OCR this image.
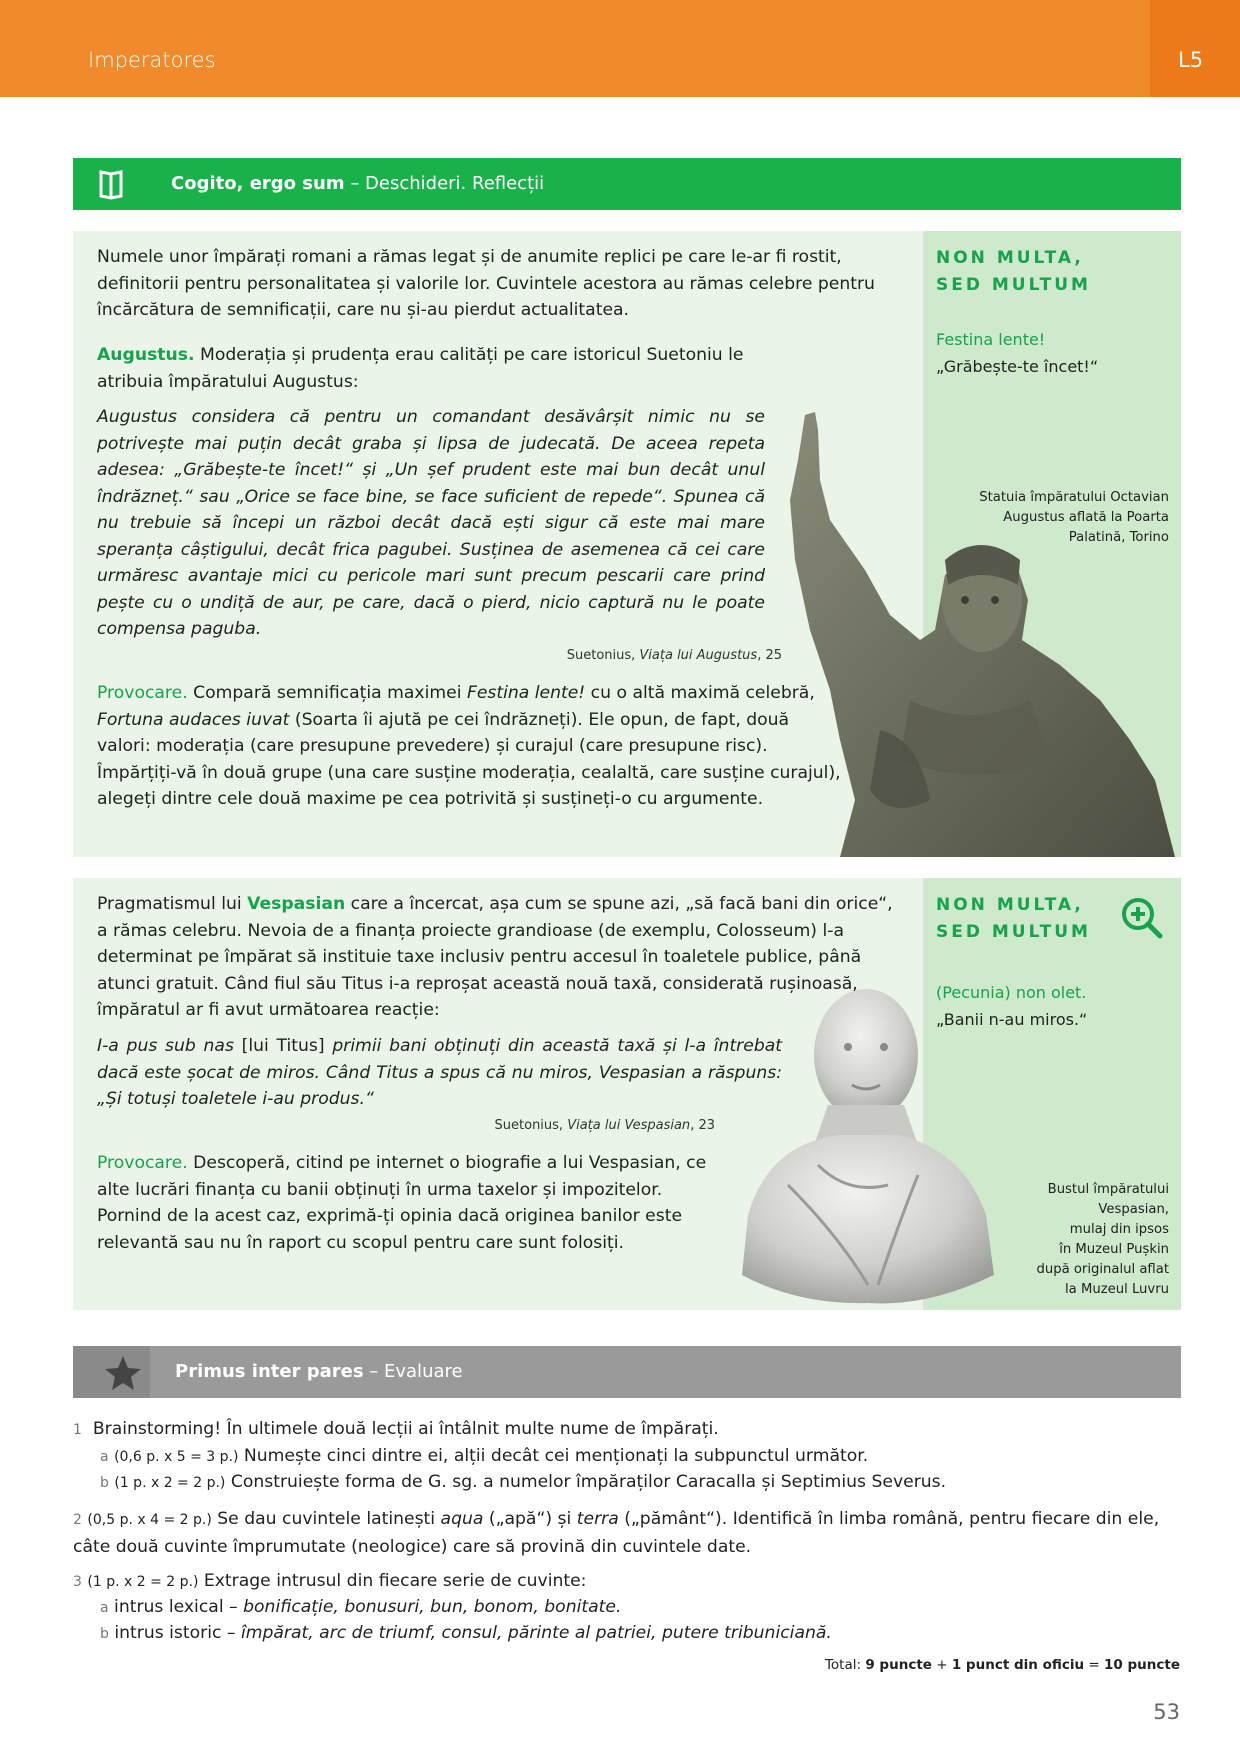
Imperatores	L5
Cogito, ergo sum – Deschideri. Reflecții
NON MULTA,
SED MULTUM
Festina lente!
„Grăbește-te încet!“
Statuia împăratului Octavian Augustus aflată la Poarta Palatină, Torino
Numele unor împărați romani a rămas legat și de anumite replici pe care le-ar fi rostit, definitorii pentru personalitatea și valorile lor. Cuvintele acestora au rămas celebre pentru încărcătura de semnificații, care nu și-au pierdut actualitatea.
Augustus. Moderația și prudența erau calități pe care istoricul Suetoniu le atribuia împăratului Augustus:
Augustus considera că pentru un comandant desăvârșit nimic nu se potrivește mai puțin decât graba și lipsa de judecată. De aceea repeta adesea: „Grăbește-te încet!“ și „Un șef prudent este mai bun decât unul îndrăzneț.“ sau „Orice se face bine, se face suficient de repede“. Spunea că nu trebuie să începi un război decât dacă ești sigur că este mai mare speranța câștigului, decât frica pagubei. Susținea de asemenea că cei care urmăresc avantaje mici cu pericole mari sunt precum pescarii care prind pește cu o undiță de aur, pe care, dacă o pierd, nicio captură nu le poate compensa paguba.
Suetonius, Viața lui Augustus, 25
Provocare. Compară semnificația maximei Festina lente! cu o altă maximă celebră, Fortuna audaces iuvat (Soarta îi ajută pe cei îndrăzneți). Ele opun, de fapt, două valori: moderația (care presupune prevedere) și curajul (care presupune risc). Împărțiți-vă în două grupe (una care susține moderația, cealaltă, care susține curajul), alegeți dintre cele două maxime pe cea potrivită și susțineți-o cu argumente.
NON MULTA,
SED MULTUM
(Pecunia) non olet.
„Banii n-au miros.“
Bustul împăratului
Vespasian,
mulaj din ipsos
în Muzeul Pușkin
după originalul aflat
la Muzeul Luvru
Pragmatismul lui Vespasian care a încercat, așa cum se spune azi, „să facă bani din orice“, a rămas celebru. Nevoia de a finanța proiecte grandioase (de exemplu, Colosseum) l-a determinat pe împărat să instituie taxe inclusiv pentru accesul în toaletele publice, până atunci gratuit. Când fiul său Titus i-a reproșat această nouă taxă, considerată rușinoasă, împăratul ar fi avut următoarea reacție:
I-a pus sub nas [lui Titus] primii bani obținuți din această taxă și l-a întrebat dacă este șocat de miros. Când Titus a spus că nu miros, Vespasian a răspuns: „Și totuși toaletele i-au produs.“
Suetonius, Viața lui Vespasian, 23
Provocare. Descoperă, citind pe internet o biografie a lui Vespasian, ce alte lucrări finanța cu banii obținuți în urma taxelor și impozitelor. Pornind de la acest caz, exprimă-ți opinia dacă originea banilor este relevantă sau nu în raport cu scopul pentru care sunt folosiți.
Primus inter pares – Evaluare
1 Brainstorming! În ultimele două lecții ai întâlnit multe nume de împărați.
a (0,6 p. x 5 = 3 p.) Numește cinci dintre ei, alții decât cei menționați la subpunctul următor.
b (1 p. x 2 = 2 p.) Construiește forma de G. sg. a numelor împăraților Caracalla și Septimius Severus.
2 (0,5 p. x 4 = 2 p.) Se dau cuvintele latinești aqua („apă“) și terra („pământ“). Identifică în limba română, pentru fiecare din ele, câte două cuvinte împrumutate (neologice) care să provină din cuvintele date.
3 (1 p. x 2 = 2 p.) Extrage intrusul din fiecare serie de cuvinte:
a intrus lexical – bonificație, bonusuri, bun, bonom, bonitate.
b intrus istoric – împărat, arc de triumf, consul, părinte al patriei, putere tribuniciană.
Total: 9 puncte + 1 punct din oficiu = 10 puncte
53
